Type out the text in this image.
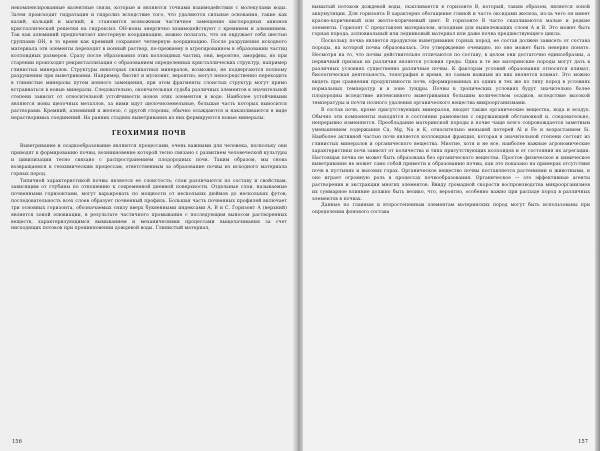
некомпенсированные валентные связи, которые и являются точками взаимодействия с молекулами воды. Затем происходит гидратация и гидролиз вследствие того, что удаляются сильные основания, такие как калий, кальций и магний, и становится возможным частичное замещение кислородных анионов кристаллической решетки на гидроксил. ОН-ионы энергично взаимодействуют с кремнием и алюминием. Так как алюминий предпочитает шестерную координацию, можно полагать, что он окружает себя шестью группами ОН, в то время как кремний сохраняет четверную координацию. После разрушения исходного материала эти элементы переходят в ионный раствор, по-прежнему в агрегированном в образовании частиц коллоидных размеров. Сразу после образования этих коллоидных частиц, они, вероятно, аморфны, но при старении происходит рекристаллизация с образованием определенных кристаллических структур, например глинистых минералов. Структуры некоторых силикатных минералов, возможно, не подвергаются полному разрушению при выветривании. Например, биотит и мусковит, вероятно, могут непосредственно переходить в глинистые минералы путем ионного замещения, при этом фрагменты слоистых структур могут прямо встраиваться в новые минералы. Следовательно, окончательная судьба различных элементов в значительной степени зависит от относительной устойчивости ионов этих элементов в воде. Наиболее устойчивыми являются ионы щелочных металлов, за ними идут щелочноземельные, большая часть которых выносится растворами. Кремний, алюминий и железо, с другой стороны, обычно осаждаются и накапливаются в виде нерастворимых соединений. На ранних стадиях выветривания из них формируются новые минералы.

ГЕОХИМИЯ ПОЧВ

Выветривание и осадкообразование являются процессами, очень важными для человека, поскольку они приводят к формированию почвы, возникновение которой тесно связано с развитием человеческой культуры и цивилизации тесно связано с распространением плодородных почв. Таким образом, мы снова возвращаемся к геохимическим процессам, ответственным за образование почвы из исходного материала горных пород.

Типичной характеристикой почвы является ее слоистость; слои различаются по составу и свойствам, зависящим от глубины по отношению к современной дневной поверхности. Отдельные слои, называемые почвенными горизонтами, могут варьировать по мощности от нескольких дюймов до нескольких футов; последовательность всех слоев образует почвенный профиль. Большая часть почвенных профилей включает три основных горизонта, обозначаемых снизу вверх буквенными индексами А, В и С. Горизонт А (верхний) является зоной элювиации, в результате частичного промывания с последующим выносом растворенных веществ, характеризующимся вымыванием и механическими процессами выщелачивания за счет нисходящих потоков при проникновении дождевой воды. Глинистый материал,

156

вымытый потоком дождевой воды, скапливается в горизонте В, который, таким образом, является зоной аккумуляции. Для горизонта В характерно обогащение глиной и часто оксидами железа, из-за чего он имеет красно-коричневый или желто-коричневый цвет. В горизонте В часто скапливаются малые и редкие элементы. Горизонт С представлен материалом, исходным для вышележащих слоев А и В. Это может быть горная порода, аллювиальный или ледниковый материал или даже почва предшествующего цикла.

Поскольку почва является продуктом выветривания горных пород, ее состав должен зависеть от состава породы, на которой почва образовалась. Это утверждение очевидно, но оно может быть неверно понято. Несмотря на то, что почвы действительно отличаются по составу, в целом они достаточно единообразны, а первичный признак их различия является условия среды. Одна и те же материнские породы могут дать в различных условиях существенно различные почвы. К факторам условий образования относятся климат, биологическая деятельность, топография и время, но самым важным из них является климат. Это можно видеть при сравнении продуктивности почв, сформированных из одних и тех же по типу пород в условиях нормальных температур и в зоне тундры. Почвы в тропических условиях будут значительно более плодородны вследствие интенсивного выветривания большим количеством осадков, вследствие высокой температуры и почти полного удаления органического вещества микроорганизмами.

В состав почв, кроме присутствующих минералов, входят также органические вещества, вода и воздух. Обычно эти компоненты находятся в состоянии равновесия с окружающей обстановкой и, следовательно, непрерывно изменяются. Преобладание материнской породы в почве чаще всего сопровождается заметным уменьшением содержания Са, Mg, Na и K, относительно меньшей потерей Al и Fe и возрастанием Si. Наиболее активной частью почв является коллоидная фракция, которая в значительной степени состоит из глинистых минералов и органического вещества. Многие, хотя и не все, наиболее важные агрономические характеристики почв зависят от количества и типа присутствующих коллоидов и от состояния их агрегации. Настоящая почва не может быть образована без органического вещества. Простое физическое и химическое выветривание не может само собой привести к образованию почвы, как это показано на примерах отсутствия почв в пустынях и высоких горах. Органическое вещество почвы поставляется растениями и животными, и оно играет огромную роль в процессах почвообразования. Органическое — это эффективные агенты растворения и экстракции многих элементов. Ввиду громадной скорости воспроизводства микроорганизмов их суммарное влияние должно быть велико, что, вероятно, особенно важно при распаде пород в различных элементов в почвах.

Данные по главным и второстепенным элементам материнских пород могут быть использованы при определении фонового состава

157
